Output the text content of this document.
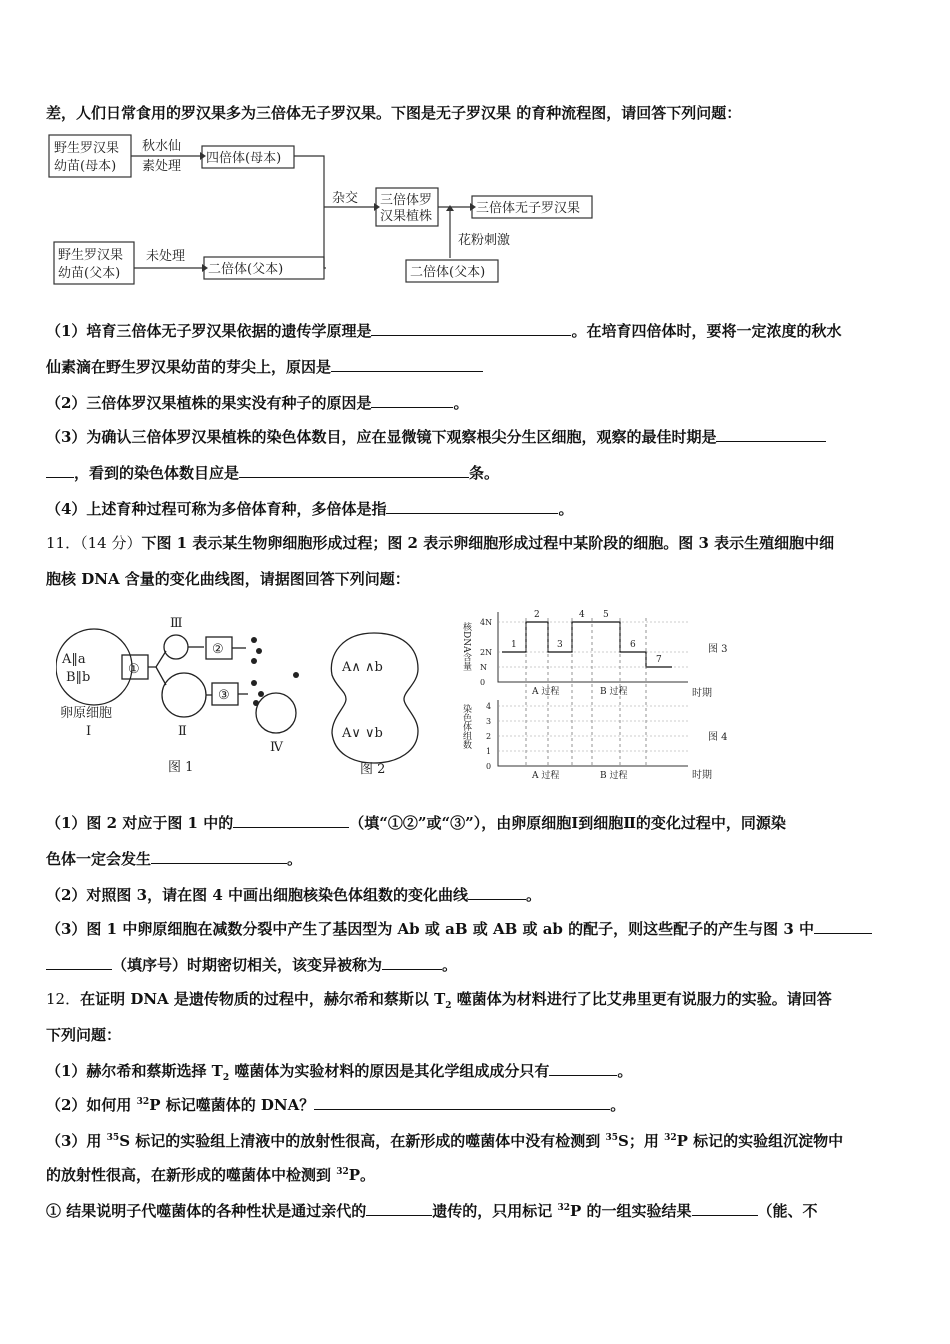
差，人们日常食用的罗汉果多为三倍体无子罗汉果。下图是无子罗汉果 的育种流程图，请回答下列问题：
野生罗汉果
幼苗(母本)
秋水仙
素处理
四倍体(母本)
杂交 三倍体罗
汉果植株
三倍体无子罗汉果
花粉刺激
野生罗汉果
幼苗(父本)
未处理
二倍体(父本)	二倍体(父本)
（1）培育三倍体无子罗汉果依据的遗传学原理是	。在培育四倍体时，要将一定浓度的秋水
仙素滴在野生罗汉果幼苗的芽尖上，原因是
（2）三倍体罗汉果植株的果实没有种子的原因是	。
（3）为确认三倍体罗汉果植株的染色体数目，应在显微镜下观察根尖分生区细胞，观察的最佳时期是
，看到的染色体数目应是	条。
（4）上述育种过程可称为多倍体育种，多倍体是指	。
11．（14 分）下图 1 表示某生物卵细胞形成过程；图 2 表示卵细胞形成过程中某阶段的细胞。图 3 表示生殖细胞中细
胞核 DNA 含量的变化曲线图，请据图回答下列问题：
A‖a
B‖b
①
②
③
Ⅲ
Ⅱ
Ⅳ
卵原细胞
Ⅰ
图 1
A∧ ∧b
A∨ ∨b
图 2
4N
2N
N
0
1
2
3
4 5
6
7
A 过程	B 过程
A 过程	B 过程
4
3
2
1
0
核DNA含量
染色体组数
图 3
图 4
时期
时期
（1）图 2 对应于图 1 中的	（填“①②”或“③”），由卵原细胞Ⅰ到细胞Ⅱ的变化过程中，同源染
色体一定会发生	。
（2）对照图 3，请在图 4 中画出细胞核染色体组数的变化曲线	。
（3）图 1 中卵原细胞在减数分裂中产生了基因型为 Ab 或 aB 或 AB 或 ab 的配子，则这些配子的产生与图 3 中
（填序号）时期密切相关，该变异被称为	。
12．在证明 DNA 是遗传物质的过程中，赫尔希和蔡斯以 $T_2$ 噬菌体为材料进行了比艾弗里更有说服力的实验。请回答
下列问题：
（1）赫尔希和蔡斯选择 $T_2$ 噬菌体为实验材料的原因是其化学组成成分只有	。
（2）如何用 $^{32}$P 标记噬菌体的 DNA？	。
（3）用 $^{35}$S 标记的实验组上清液中的放射性很高，在新形成的噬菌体中没有检测到 $^{35}$S；用 $^{32}$P 标记的实验组沉淀物中
的放射性很高，在新形成的噬菌体中检测到 $^{32}$P。
① 结果说明子代噬菌体的各种性状是通过亲代的	遗传的，只用标记 $^{32}$P 的一组实验结果	（能、不
